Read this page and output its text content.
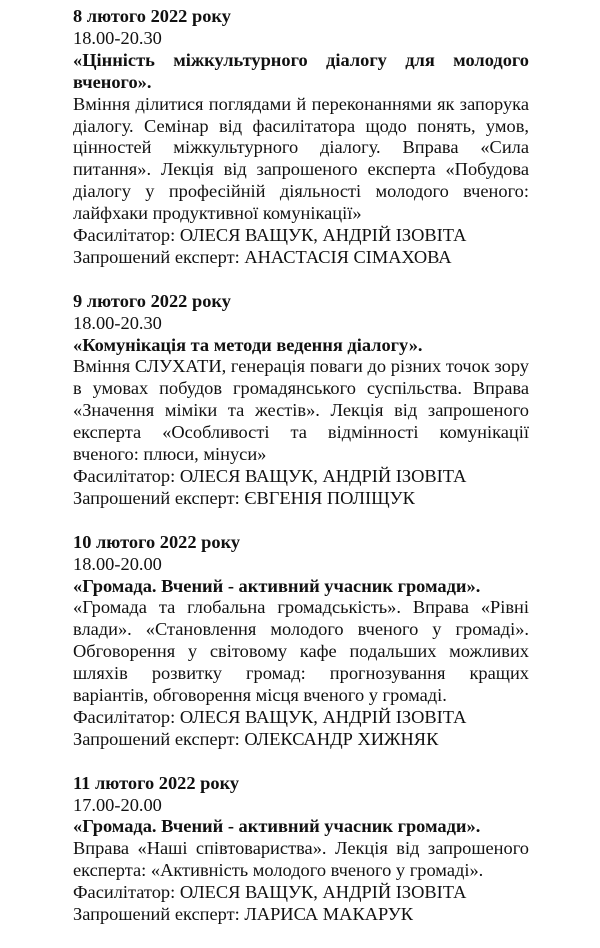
8 лютого 2022 року
18.00-20.30
«Цінність міжкультурного діалогу для молодого вченого».
Вміння ділитися поглядами й переконаннями як запорука діалогу. Семінар від фасилітатора щодо понять, умов, цінностей міжкультурного діалогу. Вправа «Сила питання». Лекція від запрошеного експерта «Побудова діалогу у професійній діяльності молодого вченого: лайфхаки продуктивної комунікації»
Фасилітатор: ОЛЕСЯ ВАЩУК, АНДРІЙ ІЗОВІТА
Запрошений експерт: АНАСТАСІЯ СІМАХОВА
9 лютого 2022 року
18.00-20.30
«Комунікація та методи ведення діалогу».
Вміння СЛУХАТИ, генерація поваги до різних точок зору в умовах побудов громадянського суспільства. Вправа «Значення міміки та жестів». Лекція від запрошеного експерта «Особливості та відмінності комунікації вченого: плюси, мінуси»
Фасилітатор: ОЛЕСЯ ВАЩУК, АНДРІЙ ІЗОВІТА
Запрошений експерт: ЄВГЕНІЯ ПОЛІЩУК
10 лютого 2022 року
18.00-20.00
«Громада. Вчений - активний учасник громади».
«Громада та глобальна громадськість». Вправа «Рівні влади». «Становлення молодого вченого у громаді». Обговорення у світовому кафе подальших можливих шляхів розвитку громад: прогнозування кращих варіантів, обговорення місця вченого у громаді.
Фасилітатор: ОЛЕСЯ ВАЩУК, АНДРІЙ ІЗОВІТА
Запрошений експерт: ОЛЕКСАНДР ХИЖНЯК
11 лютого 2022 року
17.00-20.00
«Громада. Вчений - активний учасник громади».
Вправа «Наші співтовариства». Лекція від запрошеного експерта: «Активність молодого вченого у громаді».
Фасилітатор: ОЛЕСЯ ВАЩУК, АНДРІЙ ІЗОВІТА
Запрошений експерт: ЛАРИСА МАКАРУК
